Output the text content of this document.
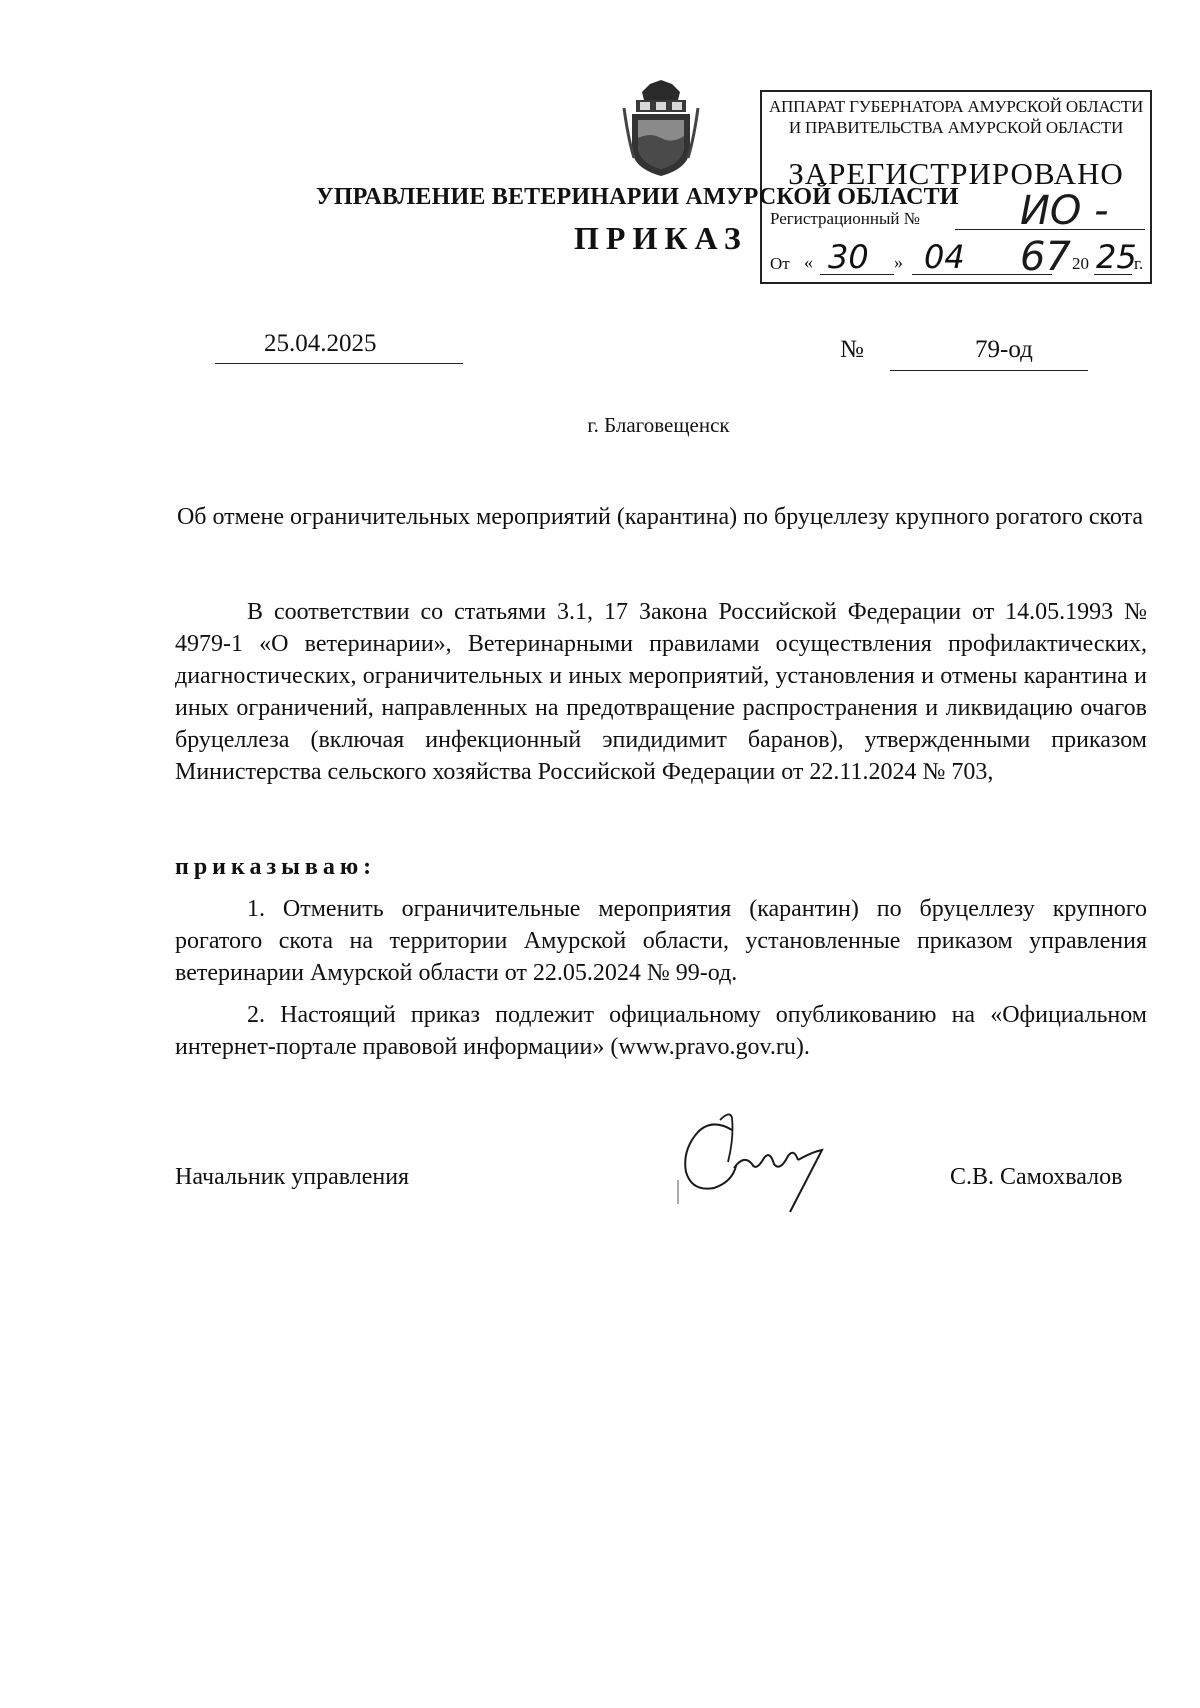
АППАРАТ ГУБЕРНАТОРА АМУРСКОЙ ОБЛАСТИ
И ПРАВИТЕЛЬСТВА АМУРСКОЙ ОБЛАСТИ
ЗАРЕГИСТРИРОВАНО
Регистрационный №	ИО - 67
От « 30 » 04	20 25
г.
УПРАВЛЕНИЕ ВЕТЕРИНАРИИ АМУРСКОЙ ОБЛАСТИ
ПРИКАЗ
25.04.2025	№	79-од
г. Благовещенск
Об отмене ограничительных мероприятий (карантина) по бруцеллезу крупного рогатого скота
В соответствии со статьями 3.1, 17 Закона Российской Федерации от 14.05.1993 № 4979-1 «О ветеринарии», Ветеринарными правилами осуществления профилактических, диагностических, ограничительных и иных мероприятий, установления и отмены карантина и иных ограничений, направленных на предотвращение распространения и ликвидацию очагов бруцеллеза (включая инфекционный эпидидимит баранов), утвержденными приказом Министерства сельского хозяйства Российской Федерации от 22.11.2024 № 703,
приказываю:
1. Отменить ограничительные мероприятия (карантин) по бруцеллезу крупного рогатого скота на территории Амурской области, установленные приказом управления ветеринарии Амурской области от 22.05.2024 № 99-од.
2. Настоящий приказ подлежит официальному опубликованию на «Официальном интернет-портале правовой информации» (www.pravo.gov.ru).
Начальник управления	С.В. Самохвалов
